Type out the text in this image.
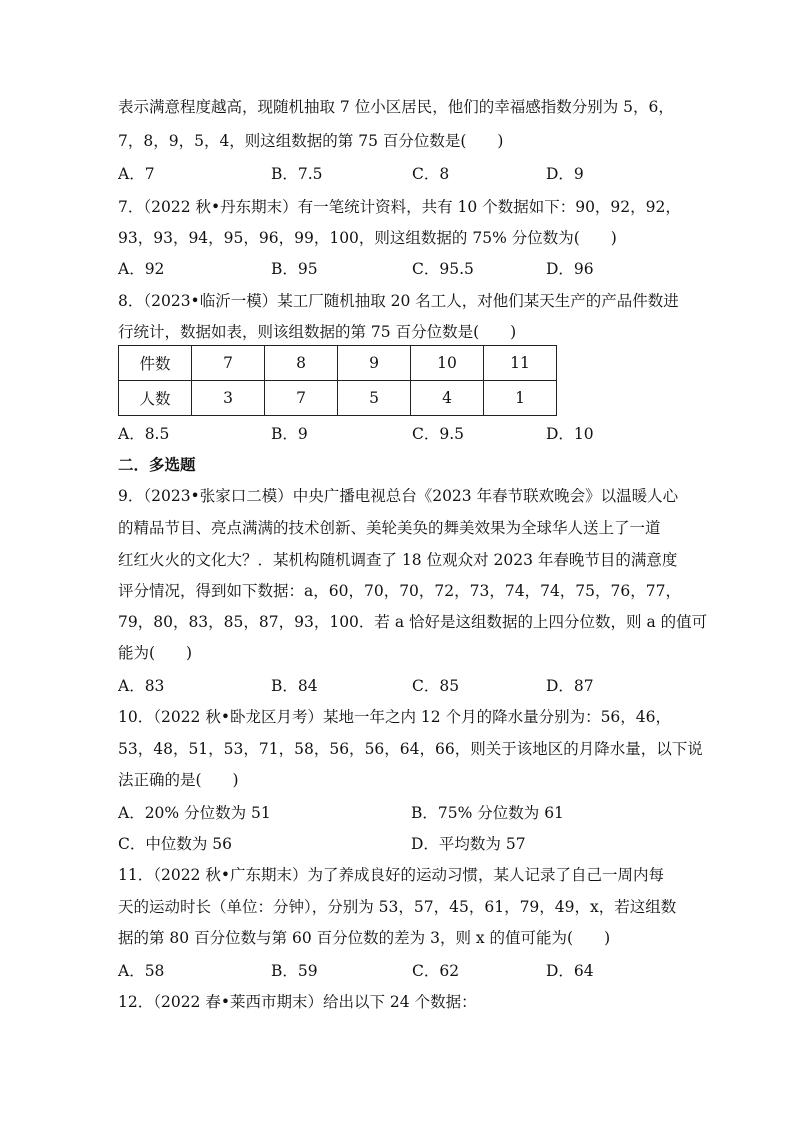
表示满意程度越高，现随机抽取 7 位小区居民，他们的幸福感指数分别为 5，6，
7，8，9，5，4，则这组数据的第 75 百分位数是(　　)
A．7	B．7.5	C．8	D．9
7．（2022 秋•丹东期末）有一笔统计资料，共有 10 个数据如下：90，92，92，
93，93，94，95，96，99，100，则这组数据的 75% 分位数为(　　)
A．92	B．95	C．95.5	D．96
8．（2023•临沂一模）某工厂随机抽取 20 名工人，对他们某天生产的产品件数进
行统计，数据如表，则该组数据的第 75 百分位数是(　　)
件数	7	8	9	10	11
人数	3	7	5	4	1
A．8.5	B．9	C．9.5	D．10
二．多选题
9．（2023•张家口二模）中央广播电视总台《2023 年春节联欢晚会》以温暖人心
的精品节目、亮点满满的技术创新、美轮美奂的舞美效果为全球华人送上了一道
红红火火的文化大？．某机构随机调查了 18 位观众对 2023 年春晚节目的满意度
评分情况，得到如下数据：a，60，70，70，72，73，74，74，75，76，77，
79，80，83，85，87，93，100．若 a 恰好是这组数据的上四分位数，则 a 的值可
能为(　　)
A．83	B．84	C．85	D．87
10．（2022 秋•卧龙区月考）某地一年之内 12 个月的降水量分别为：56，46，
53，48，51，53，71，58，56，56，64，66，则关于该地区的月降水量，以下说
法正确的是(　　)
A．20% 分位数为 51	B．75% 分位数为 61
C．中位数为 56	D．平均数为 57
11．（2022 秋•广东期末）为了养成良好的运动习惯，某人记录了自己一周内每
天的运动时长（单位：分钟），分别为 53，57，45，61，79，49，x，若这组数
据的第 80 百分位数与第 60 百分位数的差为 3，则 x 的值可能为(　　)
A．58	B．59	C．62	D．64
12．（2022 春•莱西市期末）给出以下 24 个数据：
